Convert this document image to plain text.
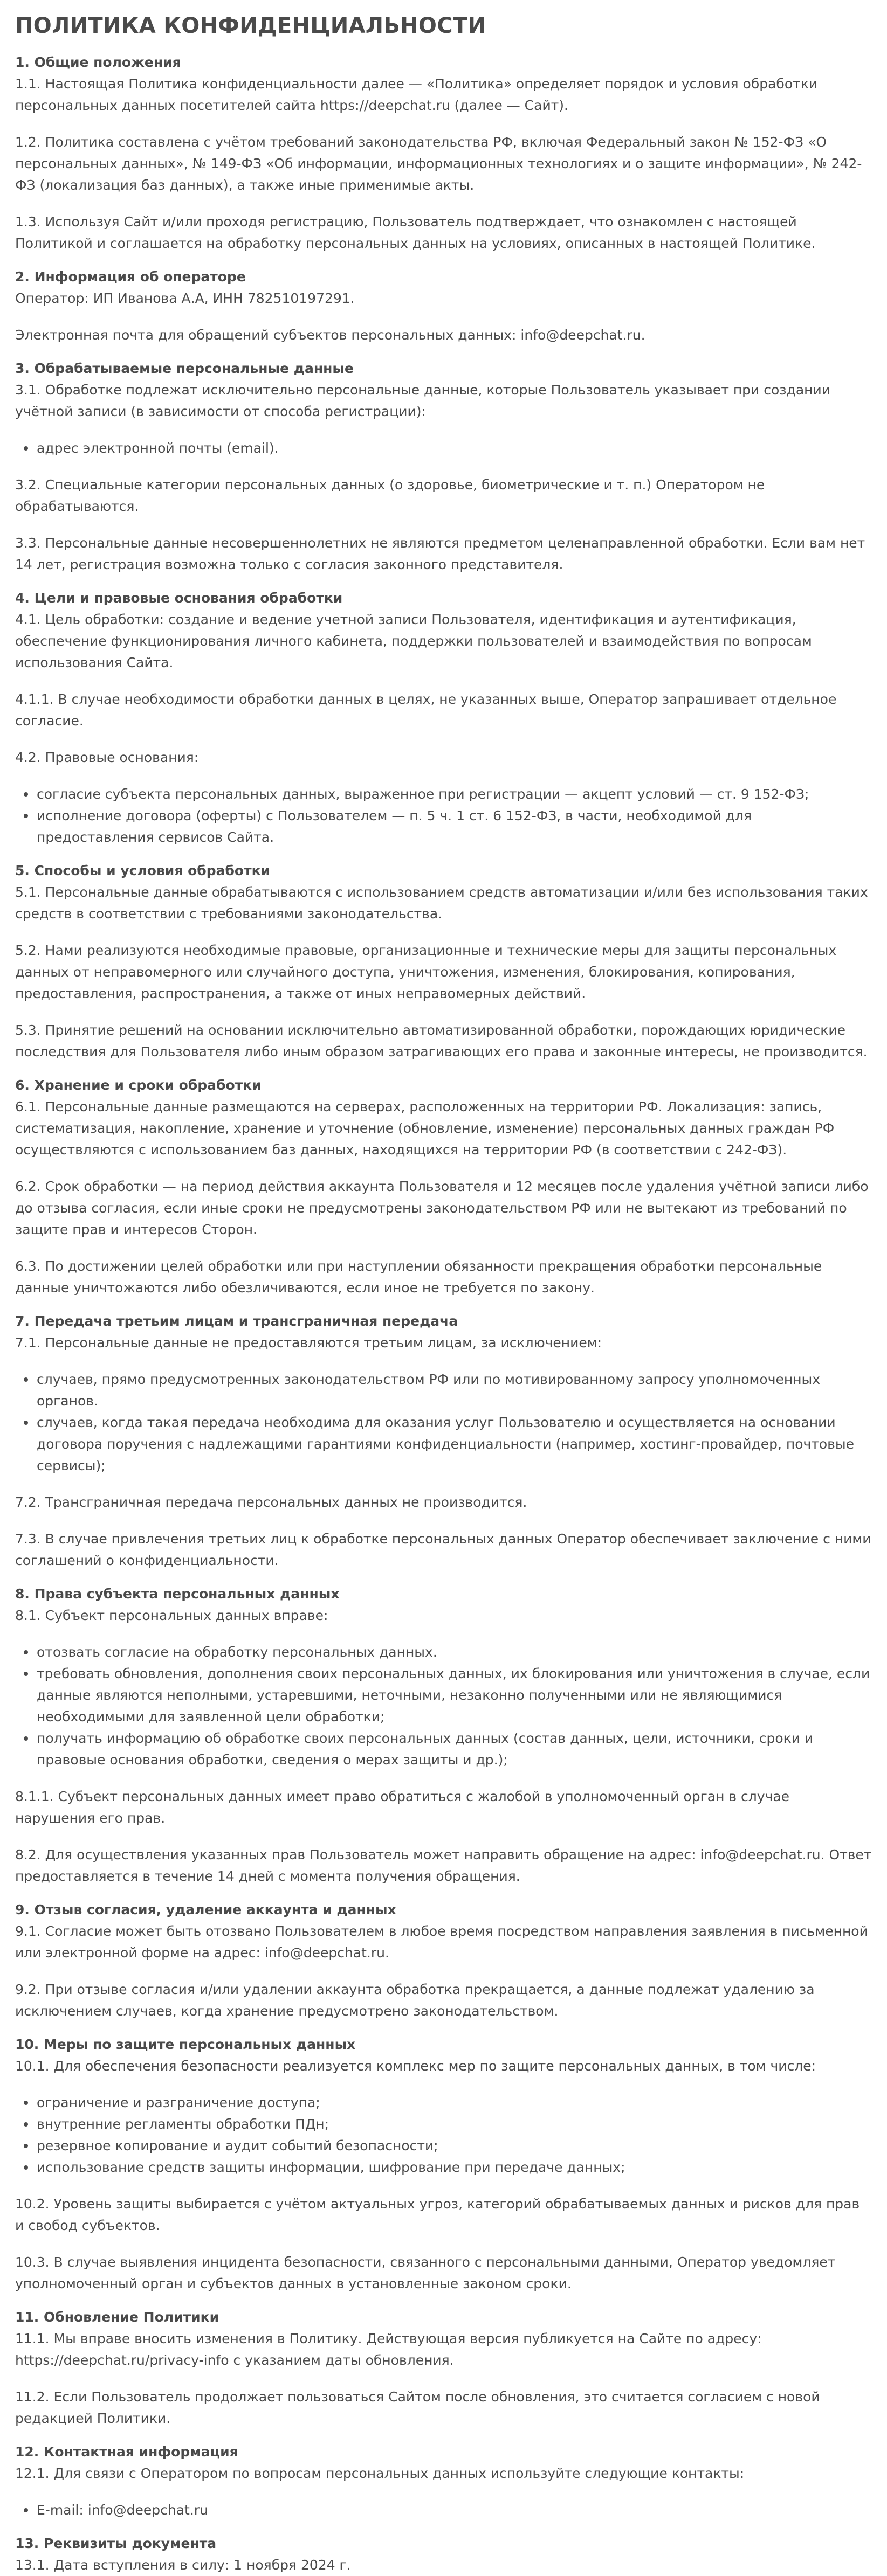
ПОЛИТИКА КОНФИДЕНЦИАЛЬНОСТИ
1. Общие положения

1.1. Настоящая Политика конфиденциальности далее — «Политика» определяет порядок и условия обработки персональных данных посетителей сайта https://deepchat.ru (далее — Сайт).

1.2. Политика составлена с учётом требований законодательства РФ, включая Федеральный закон № 152-ФЗ «О персональных данных», № 149-ФЗ «Об информации, информационных технологиях и о защите информации», № 242-ФЗ (локализация баз данных), а также иные применимые акты.

1.3. Используя Сайт и/или проходя регистрацию, Пользователь подтверждает, что ознакомлен с настоящей Политикой и соглашается на обработку персональных данных на условиях, описанных в настоящей Политике.

2. Информация об операторе

Оператор: ИП Иванова А.А, ИНН 782510197291.

Электронная почта для обращений субъектов персональных данных: info@deepchat.ru.

3. Обрабатываемые персональные данные

3.1. Обработке подлежат исключительно персональные данные, которые Пользователь указывает при создании учётной записи (в зависимости от способа регистрации):

адрес электронной почты (email).

3.2. Специальные категории персональных данных (о здоровье, биометрические и т. п.) Оператором не обрабатываются.

3.3. Персональные данные несовершеннолетних не являются предметом целенаправленной обработки. Если вам нет 14 лет, регистрация возможна только с согласия законного представителя.

4. Цели и правовые основания обработки

4.1. Цель обработки: создание и ведение учетной записи Пользователя, идентификация и аутентификация, обеспечение функционирования личного кабинета, поддержки пользователей и взаимодействия по вопросам использования Сайта.

4.1.1. В случае необходимости обработки данных в целях, не указанных выше, Оператор запрашивает отдельное согласие.

4.2. Правовые основания:

согласие субъекта персональных данных, выраженное при регистрации — акцепт условий — ст. 9 152-ФЗ;
исполнение договора (оферты) с Пользователем — п. 5 ч. 1 ст. 6 152-ФЗ, в части, необходимой для предоставления сервисов Сайта.
5. Способы и условия обработки

5.1. Персональные данные обрабатываются с использованием средств автоматизации и/или без использования таких средств в соответствии с требованиями законодательства.

5.2. Нами реализуются необходимые правовые, организационные и технические меры для защиты персональных данных от неправомерного или случайного доступа, уничтожения, изменения, блокирования, копирования, предоставления, распространения, а также от иных неправомерных действий.

5.3. Принятие решений на основании исключительно автоматизированной обработки, порождающих юридические последствия для Пользователя либо иным образом затрагивающих его права и законные интересы, не производится.

6. Хранение и сроки обработки

6.1. Персональные данные размещаются на серверах, расположенных на территории РФ. Локализация: запись, систематизация, накопление, хранение и уточнение (обновление, изменение) персональных данных граждан РФ осуществляются с использованием баз данных, находящихся на территории РФ (в соответствии с 242-ФЗ).

6.2. Срок обработки — на период действия аккаунта Пользователя и 12 месяцев после удаления учётной записи либо до отзыва согласия, если иные сроки не предусмотрены законодательством РФ или не вытекают из требований по защите прав и интересов Сторон.

6.3. По достижении целей обработки или при наступлении обязанности прекращения обработки персональные данные уничтожаются либо обезличиваются, если иное не требуется по закону.

7. Передача третьим лицам и трансграничная передача

7.1. Персональные данные не предоставляются третьим лицам, за исключением:

случаев, прямо предусмотренных законодательством РФ или по мотивированному запросу уполномоченных органов.
случаев, когда такая передача необходима для оказания услуг Пользователю и осуществляется на основании договора поручения с надлежащими гарантиями конфиденциальности (например, хостинг-провайдер, почтовые сервисы);

7.2. Трансграничная передача персональных данных не производится.

7.3. В случае привлечения третьих лиц к обработке персональных данных Оператор обеспечивает заключение с ними соглашений о конфиденциальности.

8. Права субъекта персональных данных

8.1. Субъект персональных данных вправе:

отозвать согласие на обработку персональных данных.
требовать обновления, дополнения своих персональных данных, их блокирования или уничтожения в случае, если данные являются неполными, устаревшими, неточными, незаконно полученными или не являющимися необходимыми для заявленной цели обработки;
получать информацию об обработке своих персональных данных (состав данных, цели, источники, сроки и правовые основания обработки, сведения о мерах защиты и др.);

8.1.1. Субъект персональных данных имеет право обратиться с жалобой в уполномоченный орган в случае нарушения его прав.

8.2. Для осуществления указанных прав Пользователь может направить обращение на адрес: info@deepchat.ru. Ответ предоставляется в течение 14 дней с момента получения обращения.

9. Отзыв согласия, удаление аккаунта и данных

9.1. Согласие может быть отозвано Пользователем в любое время посредством направления заявления в письменной или электронной форме на адрес: info@deepchat.ru.

9.2. При отзыве согласия и/или удалении аккаунта обработка прекращается, а данные подлежат удалению за исключением случаев, когда хранение предусмотрено законодательством.

10. Меры по защите персональных данных

10.1. Для обеспечения безопасности реализуется комплекс мер по защите персональных данных, в том числе:

ограничение и разграничение доступа;
внутренние регламенты обработки ПДн;
резервное копирование и аудит событий безопасности;
использование средств защиты информации, шифрование при передаче данных;

10.2. Уровень защиты выбирается с учётом актуальных угроз, категорий обрабатываемых данных и рисков для прав и свобод субъектов.

10.3. В случае выявления инцидента безопасности, связанного с персональными данными, Оператор уведомляет уполномоченный орган и субъектов данных в установленные законом сроки.

11. Обновление Политики

11.1. Мы вправе вносить изменения в Политику. Действующая версия публикуется на Сайте по адресу: https://deepchat.ru/privacy-info с указанием даты обновления.

11.2. Если Пользователь продолжает пользоваться Сайтом после обновления, это считается согласием с новой редакцией Политики.

12. Контактная информация

12.1. Для связи с Оператором по вопросам персональных данных используйте следующие контакты:

E-mail: info@deepchat.ru
13. Реквизиты документа

13.1. Дата вступления в силу: 1 ноября 2024 г.
